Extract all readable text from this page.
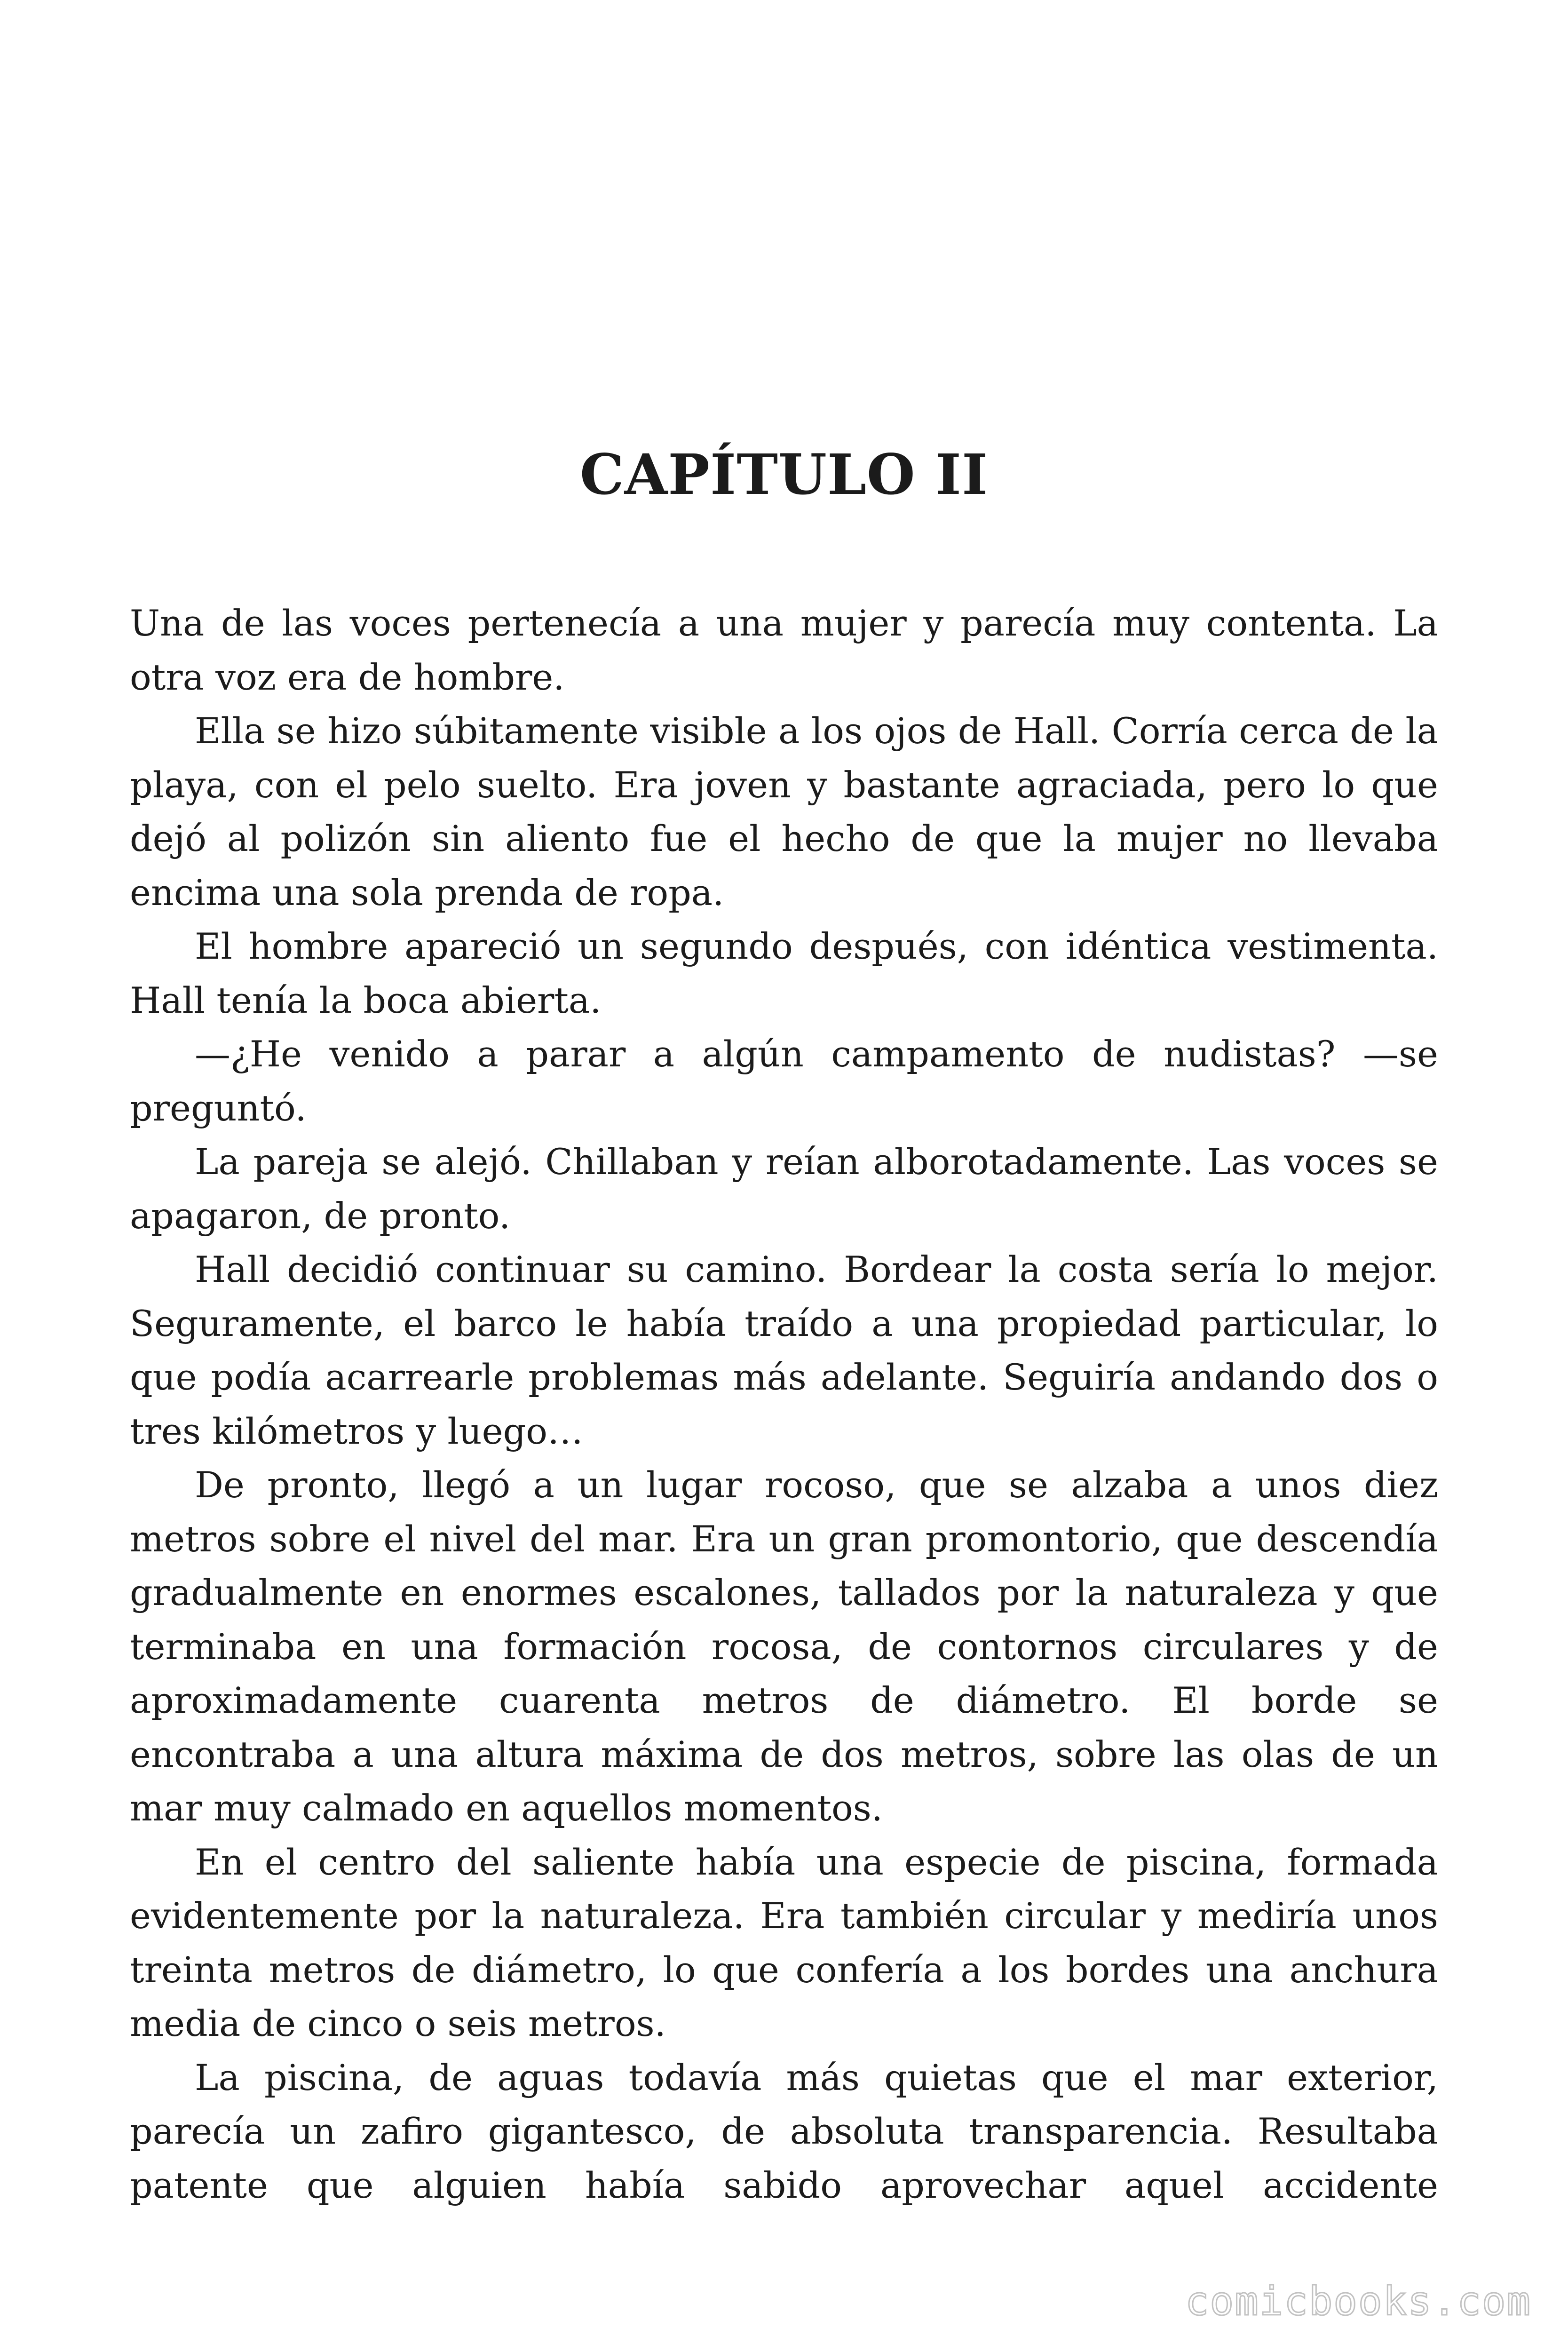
CAPÍTULO II

Una de las voces pertenecía a una mujer y parecía muy contenta. La otra voz era de hombre.

Ella se hizo súbitamente visible a los ojos de Hall. Corría cerca de la playa, con el pelo suelto. Era joven y bastante agraciada, pero lo que dejó al polizón sin aliento fue el hecho de que la mujer no llevaba encima una sola prenda de ropa.

El hombre apareció un segundo después, con idéntica vestimenta. Hall tenía la boca abierta.

—¿He venido a parar a algún campamento de nudistas? —se preguntó.

La pareja se alejó. Chillaban y reían alborotadamente. Las voces se apagaron, de pronto.

Hall decidió continuar su camino. Bordear la costa sería lo mejor. Seguramente, el barco le había traído a una propiedad particular, lo que podía acarrearle problemas más adelante. Seguiría andando dos o tres kilómetros y luego…

De pronto, llegó a un lugar rocoso, que se alzaba a unos diez metros sobre el nivel del mar. Era un gran promontorio, que descendía gradualmente en enormes escalones, tallados por la naturaleza y que terminaba en una formación rocosa, de contornos circulares y de aproximadamente cuarenta metros de diámetro. El borde se encontraba a una altura máxima de dos metros, sobre las olas de un mar muy calmado en aquellos momentos.

En el centro del saliente había una especie de piscina, formada evidentemente por la naturaleza. Era también circular y mediría unos treinta metros de diámetro, lo que confería a los bordes una anchura media de cinco o seis metros.

La piscina, de aguas todavía más quietas que el mar exterior, parecía un zafiro gigantesco, de absoluta transparencia. Resultaba patente que alguien había sabido aprovechar aquel accidente

comicbooks.com
